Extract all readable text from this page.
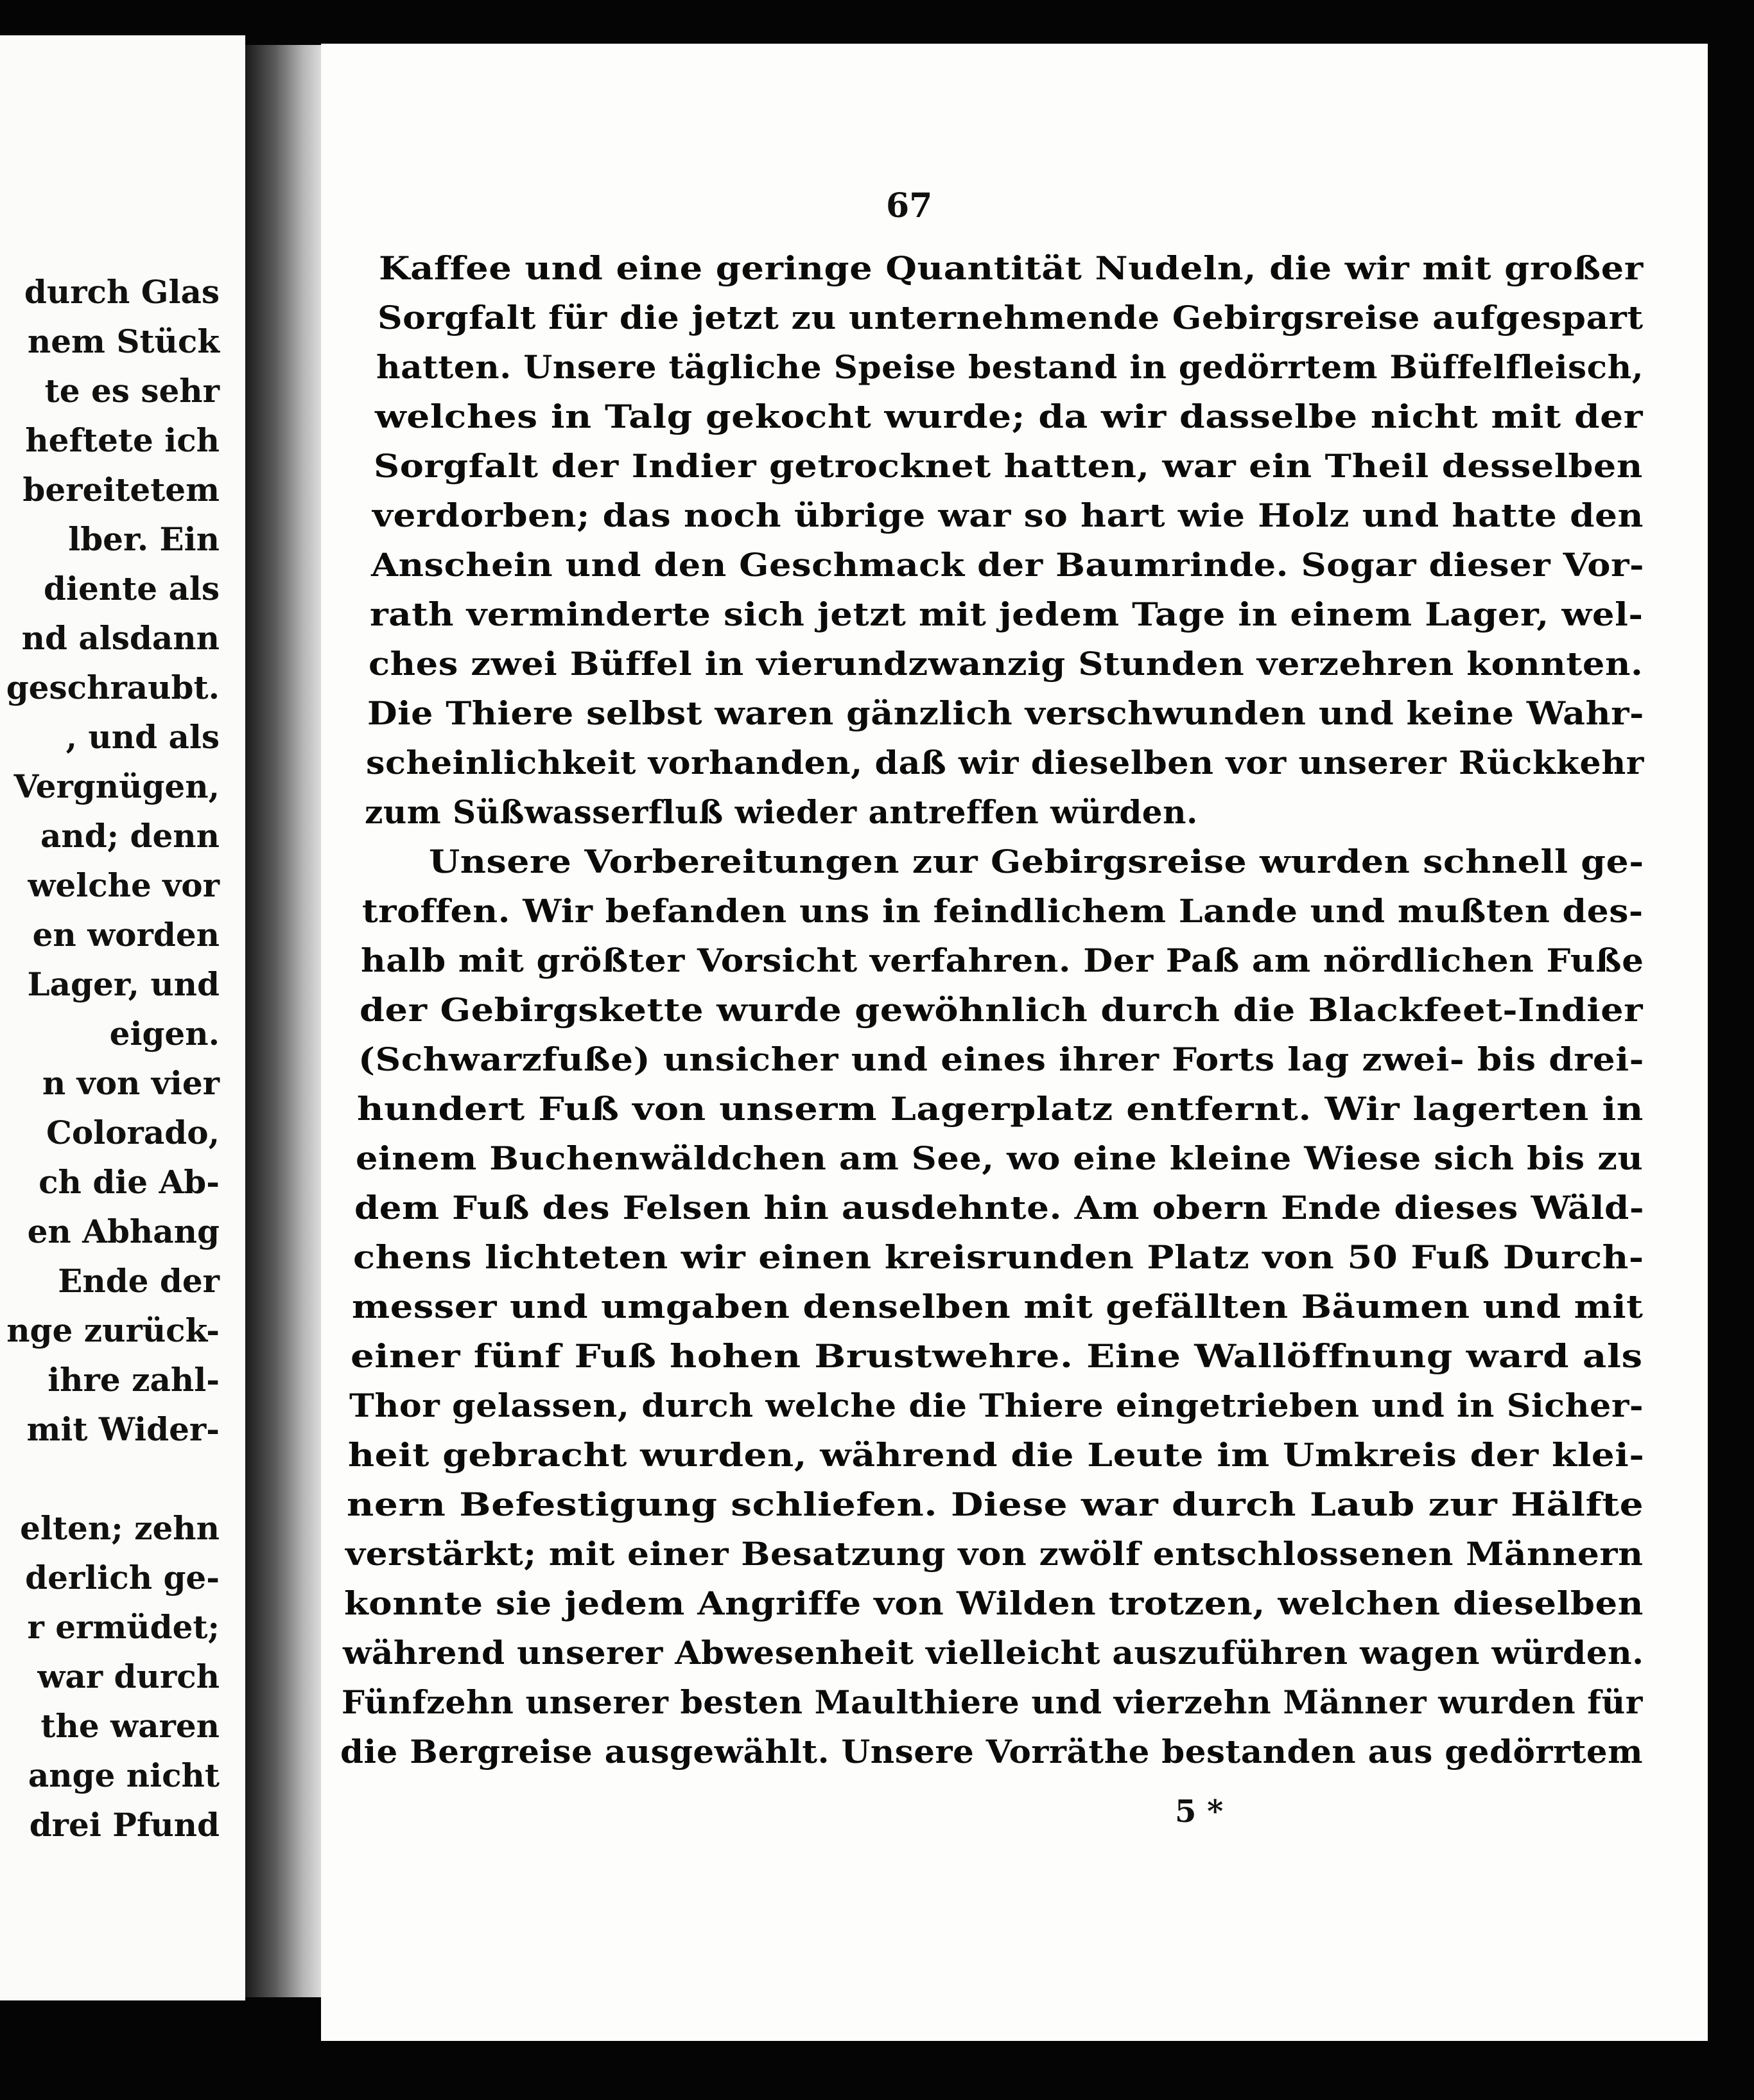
durch Glas
nem Stück
te es sehr
heftete ich
bereitetem
lber. Ein
diente als
nd alsdann
geschraubt.
, und als
Vergnügen,
and; denn
welche vor
en worden
Lager, und
eigen.
n von vier
Colorado,
ch die Ab-
en Abhang
Ende der
nge zurück-
ihre zahl-
mit Wider-
elten; zehn
derlich ge-
r ermüdet;
war durch
the waren
ange nicht
drei Pfund
67
Kaffee und eine geringe Quantität Nudeln, die wir mit großer
Sorgfalt für die jetzt zu unternehmende Gebirgsreise aufgespart
hatten. Unsere tägliche Speise bestand in gedörrtem Büffelfleisch,
welches in Talg gekocht wurde; da wir dasselbe nicht mit der
Sorgfalt der Indier getrocknet hatten, war ein Theil desselben
verdorben; das noch übrige war so hart wie Holz und hatte den
Anschein und den Geschmack der Baumrinde. Sogar dieser Vor-
rath verminderte sich jetzt mit jedem Tage in einem Lager, wel-
ches zwei Büffel in vierundzwanzig Stunden verzehren konnten.
Die Thiere selbst waren gänzlich verschwunden und keine Wahr-
scheinlichkeit vorhanden, daß wir dieselben vor unserer Rückkehr
zum Süßwasserfluß wieder antreffen würden.
Unsere Vorbereitungen zur Gebirgsreise wurden schnell ge-
troffen. Wir befanden uns in feindlichem Lande und mußten des-
halb mit größter Vorsicht verfahren. Der Paß am nördlichen Fuße
der Gebirgskette wurde gewöhnlich durch die Blackfeet-Indier
(Schwarzfuße) unsicher und eines ihrer Forts lag zwei- bis drei-
hundert Fuß von unserm Lagerplatz entfernt. Wir lagerten in
einem Buchenwäldchen am See, wo eine kleine Wiese sich bis zu
dem Fuß des Felsen hin ausdehnte. Am obern Ende dieses Wäld-
chens lichteten wir einen kreisrunden Platz von 50 Fuß Durch-
messer und umgaben denselben mit gefällten Bäumen und mit
einer fünf Fuß hohen Brustwehre. Eine Wallöffnung ward als
Thor gelassen, durch welche die Thiere eingetrieben und in Sicher-
heit gebracht wurden, während die Leute im Umkreis der klei-
nern Befestigung schliefen. Diese war durch Laub zur Hälfte
verstärkt; mit einer Besatzung von zwölf entschlossenen Männern
konnte sie jedem Angriffe von Wilden trotzen, welchen dieselben
während unserer Abwesenheit vielleicht auszuführen wagen würden.
Fünfzehn unserer besten Maulthiere und vierzehn Männer wurden für
die Bergreise ausgewählt. Unsere Vorräthe bestanden aus gedörrtem
5 *
